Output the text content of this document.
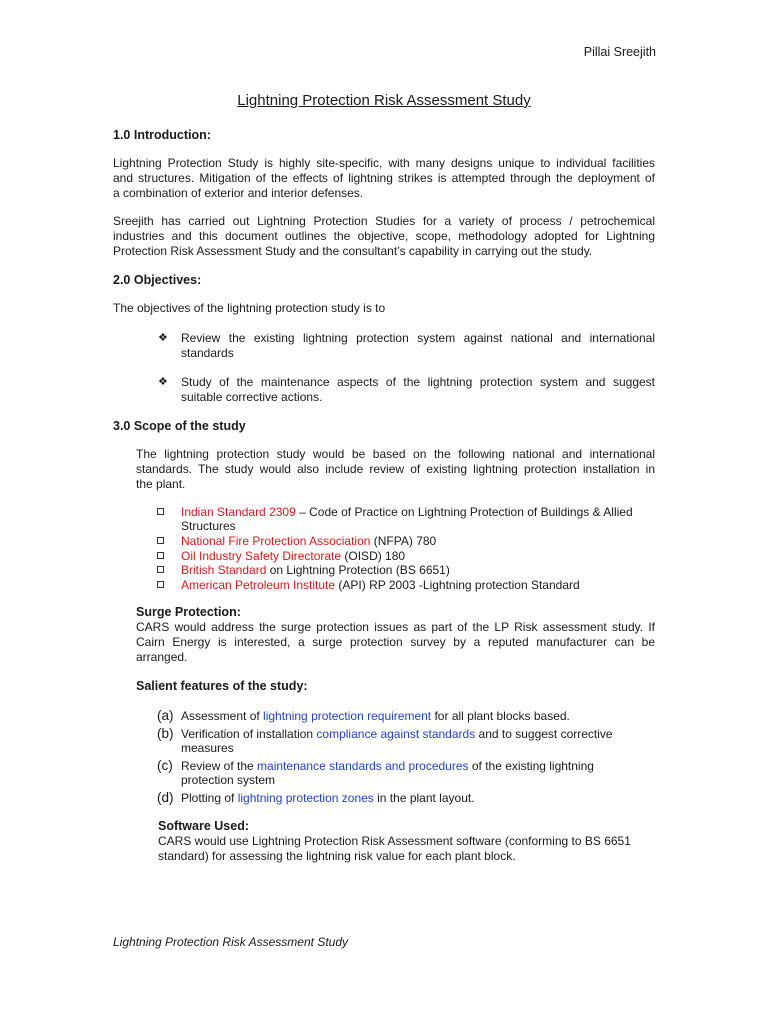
Pillai Sreejith
Lightning Protection Risk Assessment Study
1.0 Introduction:
Lightning Protection Study is highly site-specific, with many designs unique to individual facilities
and structures. Mitigation of the effects of lightning strikes is attempted through the deployment of
a combination of exterior and interior defenses.
Sreejith has carried out Lightning Protection Studies for a variety of process / petrochemical
industries and this document outlines the objective, scope, methodology adopted for Lightning
Protection Risk Assessment Study and the consultant’s capability in carrying out the study.
2.0 Objectives:
The objectives of the lightning protection study is to
❖ Review the existing lightning protection system against national and international
standards
❖ Study of the maintenance aspects of the lightning protection system and suggest
suitable corrective actions.
3.0 Scope of the study
The lightning protection study would be based on the following national and international
standards. The study would also include review of existing lightning protection installation in
the plant.
Indian Standard 2309 – Code of Practice on Lightning Protection of Buildings & Allied
Structures
National Fire Protection Association (NFPA) 780
Oil Industry Safety Directorate (OISD) 180
British Standard on Lightning Protection (BS 6651)
American Petroleum Institute (API) RP 2003 -Lightning protection Standard
Surge Protection:
CARS would address the surge protection issues as part of the LP Risk assessment study. If
Cairn Energy is interested, a surge protection survey by a reputed manufacturer can be
arranged.
Salient features of the study:
(a) Assessment of lightning protection requirement for all plant blocks based.
(b) Verification of installation compliance against standards and to suggest corrective
measures
(c) Review of the maintenance standards and procedures of the existing lightning
protection system
(d) Plotting of lightning protection zones in the plant layout.
Software Used:
CARS would use Lightning Protection Risk Assessment software (conforming to BS 6651
standard) for assessing the lightning risk value for each plant block.
Lightning Protection Risk Assessment Study
